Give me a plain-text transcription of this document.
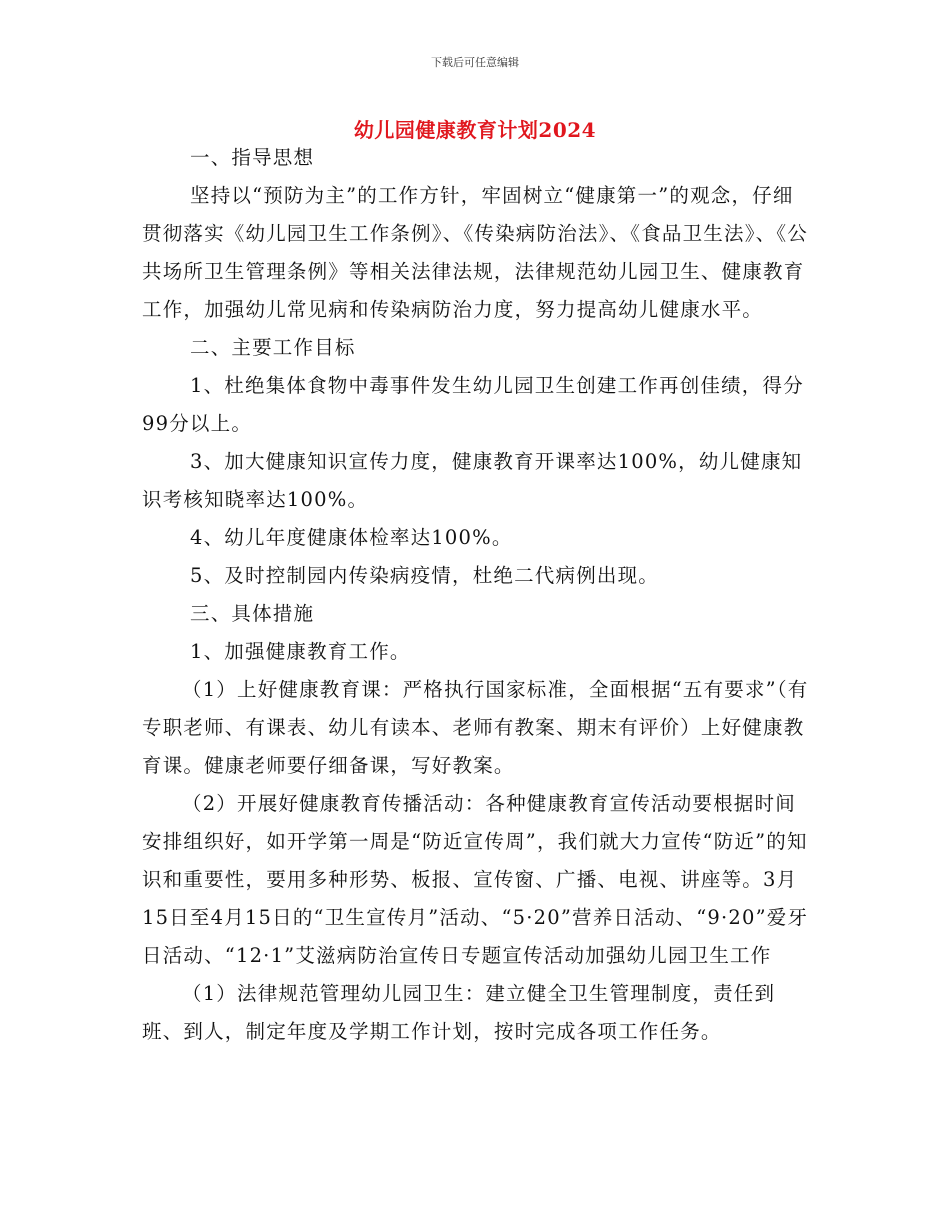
下载后可任意编辑
幼儿园健康教育计划2024

一、指导思想

坚持以“预防为主”的工作方针，牢固树立“健康第一”的观念，仔细贯彻落实《幼儿园卫生工作条例》、《传染病防治法》、《食品卫生法》、《公共场所卫生管理条例》等相关法律法规，法律规范幼儿园卫生、健康教育工作，加强幼儿常见病和传染病防治力度，努力提高幼儿健康水平。

二、主要工作目标

1、杜绝集体食物中毒事件发生幼儿园卫生创建工作再创佳绩，得分99分以上。

3、加大健康知识宣传力度，健康教育开课率达100%，幼儿健康知识考核知晓率达100%。

4、幼儿年度健康体检率达100%。

5、及时控制园内传染病疫情，杜绝二代病例出现。

三、具体措施

1、加强健康教育工作。

（1）上好健康教育课：严格执行国家标准，全面根据“五有要求”（有专职老师、有课表、幼儿有读本、老师有教案、期末有评价）上好健康教育课。健康老师要仔细备课，写好教案。

（2）开展好健康教育传播活动：各种健康教育宣传活动要根据时间安排组织好，如开学第一周是“防近宣传周”，我们就大力宣传“防近”的知识和重要性，要用多种形势、板报、宣传窗、广播、电视、讲座等。3月15日至4月15日的“卫生宣传月”活动、“5·20”营养日活动、“9·20”爱牙日活动、“12·1”艾滋病防治宣传日专题宣传活动加强幼儿园卫生工作

（1）法律规范管理幼儿园卫生：建立健全卫生管理制度，责任到班、到人，制定年度及学期工作计划，按时完成各项工作任务。
